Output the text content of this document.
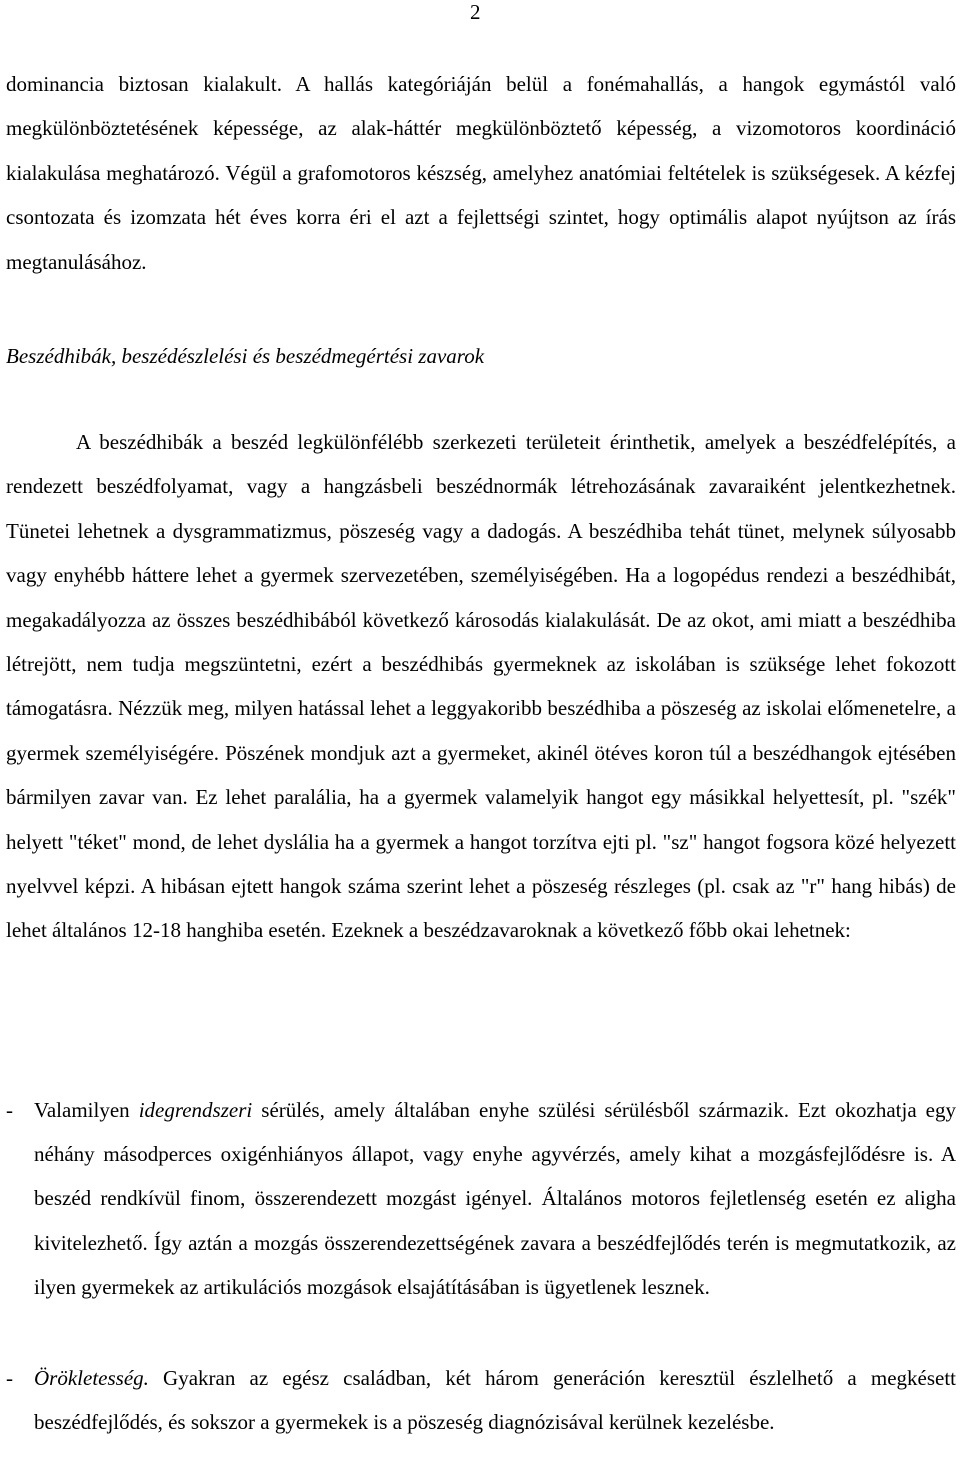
2

dominancia biztosan kialakult. A hallás kategóriáján belül a fonémahallás, a hangok egymástól való megkülönböztetésének képessége, az alak-háttér megkülönböztető képesség, a vizomotoros koordináció kialakulása meghatározó. Végül a grafomotoros készség, amelyhez anatómiai feltételek is szükségesek. A kézfej csontozata és izomzata hét éves korra éri el azt a fejlettségi szintet, hogy optimális alapot nyújtson az írás megtanulásához.

Beszédhibák, beszédészlelési és beszédmegértési zavarok

A beszédhibák a beszéd legkülönfélébb szerkezeti területeit érinthetik, amelyek a beszédfelépítés, a rendezett beszédfolyamat, vagy a hangzásbeli beszédnormák létrehozásának zavaraiként jelentkezhetnek. Tünetei lehetnek a dysgrammatizmus, pöszeség vagy a dadogás. A beszédhiba tehát tünet, melynek súlyosabb vagy enyhébb háttere lehet a gyermek szervezetében, személyiségében. Ha a logopédus rendezi a beszédhibát, megakadályozza az összes beszédhibából következő károsodás kialakulását. De az okot, ami miatt a beszédhiba létrejött, nem tudja megszüntetni, ezért a beszédhibás gyermeknek az iskolában is szüksége lehet fokozott támogatásra. Nézzük meg, milyen hatással lehet a leggyakoribb beszédhiba a pöszeség az iskolai előmenetelre, a gyermek személyiségére. Pöszének mondjuk azt a gyermeket, akinél ötéves koron túl a beszédhangok ejtésében bármilyen zavar van. Ez lehet paralália, ha a gyermek valamelyik hangot egy másikkal helyettesít, pl. "szék" helyett "téket" mond, de lehet dyslália ha a gyermek a hangot torzítva ejti pl. "sz" hangot fogsora közé helyezett nyelvvel képzi. A hibásan ejtett hangok száma szerint lehet a pöszeség részleges (pl. csak az "r" hang hibás) de lehet általános 12-18 hanghiba esetén. Ezeknek a beszédzavaroknak a következő főbb okai lehetnek:

- Valamilyen idegrendszeri sérülés, amely általában enyhe szülési sérülésből származik. Ezt okozhatja egy néhány másodperces oxigénhiányos állapot, vagy enyhe agyvérzés, amely kihat a mozgásfejlődésre is. A beszéd rendkívül finom, összerendezett mozgást igényel. Általános motoros fejletlenség esetén ez aligha kivitelezhető. Így aztán a mozgás összerendezettségének zavara a beszédfejlődés terén is megmutatkozik, az ilyen gyermekek az artikulációs mozgások elsajátításában is ügyetlenek lesznek.
- Örökletesség. Gyakran az egész családban, két három generáción keresztül észlelhető a megkésett beszédfejlődés, és sokszor a gyermekek is a pöszeség diagnózisával kerülnek kezelésbe.
